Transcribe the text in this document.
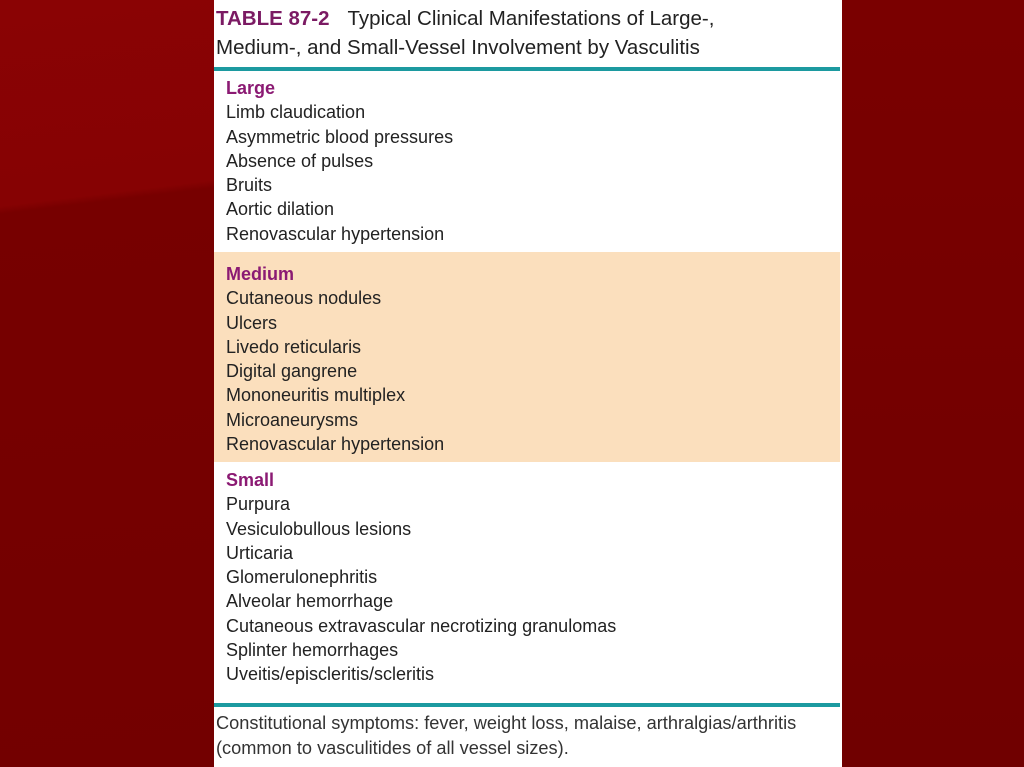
TABLE 87-2 Typical Clinical Manifestations of Large-,
Medium-, and Small-Vessel Involvement by Vasculitis
Large
Limb claudication
Asymmetric blood pressures
Absence of pulses
Bruits
Aortic dilation
Renovascular hypertension
Medium
Cutaneous nodules
Ulcers
Livedo reticularis
Digital gangrene
Mononeuritis multiplex
Microaneurysms
Renovascular hypertension
Small
Purpura
Vesiculobullous lesions
Urticaria
Glomerulonephritis
Alveolar hemorrhage
Cutaneous extravascular necrotizing granulomas
Splinter hemorrhages
Uveitis/episcleritis/scleritis
Constitutional symptoms: fever, weight loss, malaise, arthralgias/arthritis
(common to vasculitides of all vessel sizes).
